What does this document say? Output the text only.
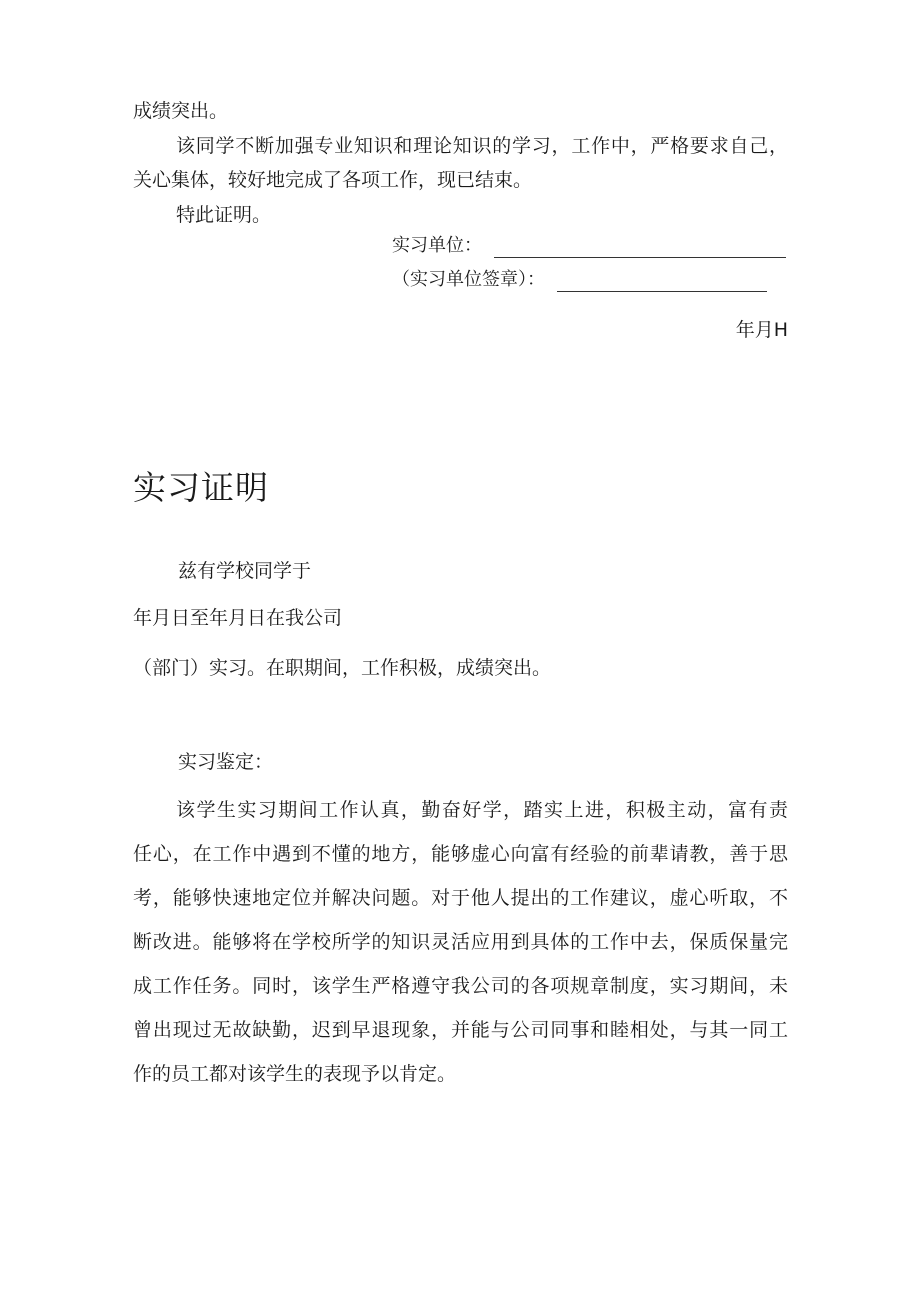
成绩突出。
该同学不断加强专业知识和理论知识的学习，工作中，严格要求自己，
关心集体，较好地完成了各项工作，现已结束。
特此证明。
实习单位：
（实习单位签章）：
年月H
实习证明
兹有学校同学于
年月日至年月日在我公司
（部门）实习。在职期间，工作积极，成绩突出。
实习鉴定：
该学生实习期间工作认真，勤奋好学，踏实上进，积极主动，富有责
任心，在工作中遇到不懂的地方，能够虚心向富有经验的前辈请教，善于思
考，能够快速地定位并解决问题。对于他人提出的工作建议，虚心听取，不
断改进。能够将在学校所学的知识灵活应用到具体的工作中去，保质保量完
成工作任务。同时，该学生严格遵守我公司的各项规章制度，实习期间，未
曾出现过无故缺勤，迟到早退现象，并能与公司同事和睦相处，与其一同工
作的员工都对该学生的表现予以肯定。
